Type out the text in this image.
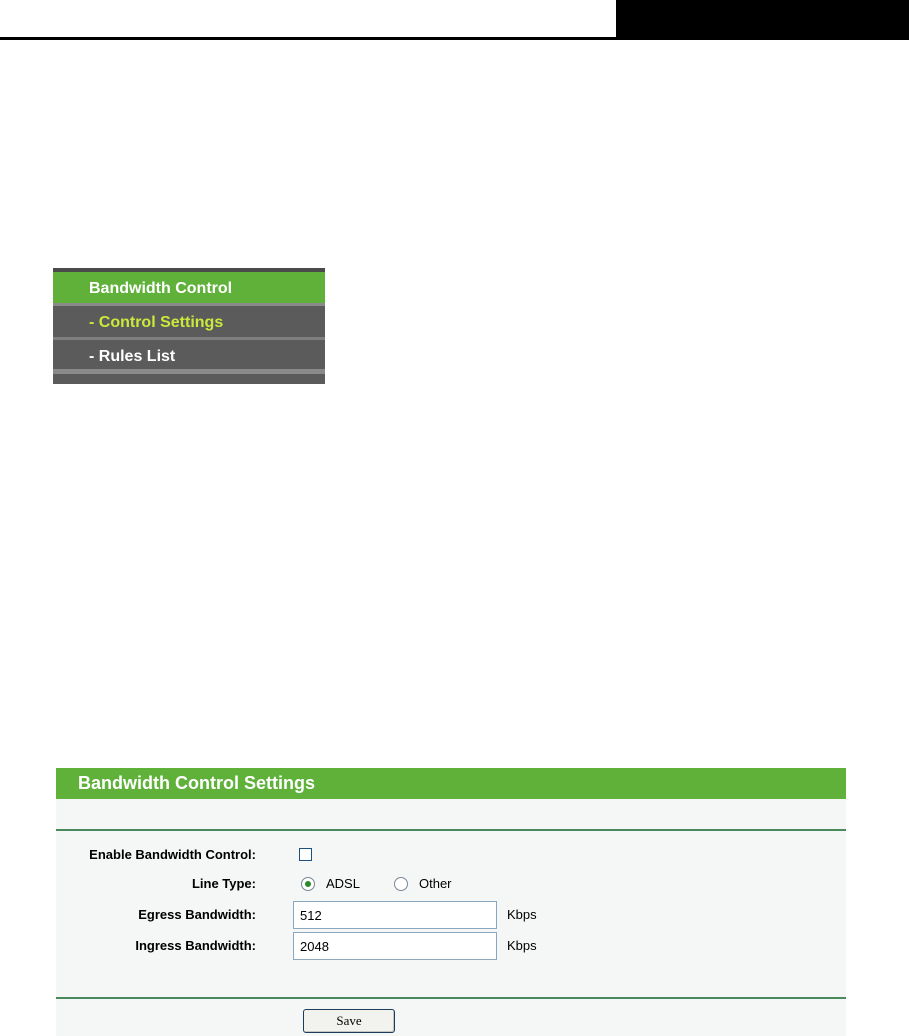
Bandwidth Control
- Control Settings
- Rules List
Bandwidth Control Settings
Enable Bandwidth Control:
Line Type:	ADSL	Other
Egress Bandwidth:
512	Kbps
Ingress Bandwidth:
2048	Kbps
Save
